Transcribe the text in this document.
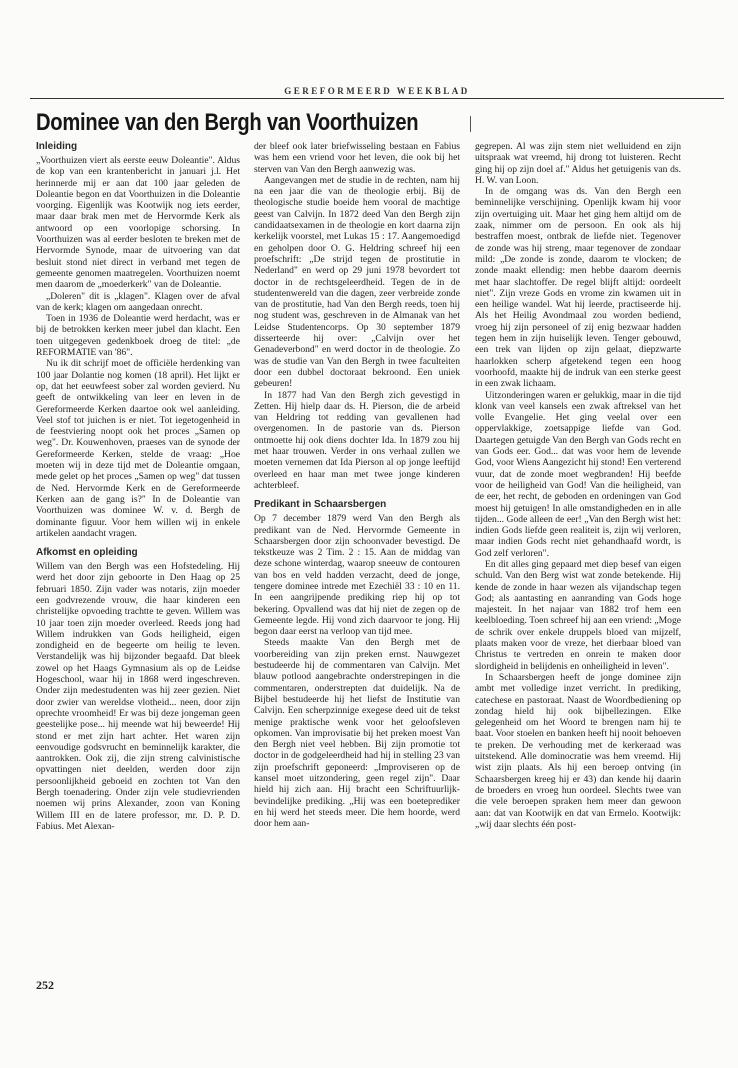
GEREFORMEERD WEEKBLAD
Dominee van den Bergh van Voorthuizen
Inleiding

„Voorthuizen viert als eerste eeuw Doleantie". Aldus de kop van een krantenbericht in januari j.l. Het herinnerde mij er aan dat 100 jaar geleden de Doleantie begon en dat Voorthuizen in die Doleantie voorging. Eigenlijk was Kootwijk nog iets eerder, maar daar brak men met de Hervormde Kerk als antwoord op een voorlopige schorsing. In Voorthuizen was al eerder besloten te breken met de Hervormde Synode, maar de uitvoering van dat besluit stond niet direct in verband met tegen de gemeente genomen maatregelen. Voorthuizen noemt men daarom de „moederkerk" van de Doleantie.

„Doleren" dit is „klagen". Klagen over de afval van de kerk; klagen om aangedaan onrecht.

Toen in 1936 de Doleantie werd herdacht, was er bij de betrokken kerken meer jubel dan klacht. Een toen uitgegeven gedenkboek droeg de titel: „de REFORMATIE van '86".

Nu ik dit schrijf moet de officiële herdenking van 100 jaar Dolantie nog komen (18 april). Het lijkt er op, dat het eeuwfeest sober zal worden gevierd. Nu geeft de ontwikkeling van leer en leven in de Gereformeerde Kerken daartoe ook wel aanleiding. Veel stof tot juichen is er niet. Tot iegetogenheid in de feestviering noopt ook het proces „Samen op weg". Dr. Kouwenhoven, praeses van de synode der Gereformeerde Kerken, stelde de vraag: „Hoe moeten wij in deze tijd met de Doleantie omgaan, mede gelet op het proces „Samen op weg" dat tussen de Ned. Hervormde Kerk en de Gereformeerde Kerken aan de gang is?" In de Doleantie van Voorthuizen was dominee W. v. d. Bergh de dominante figuur. Voor hem willen wij in enkele artikelen aandacht vragen.

Afkomst en opleiding

Willem van den Bergh was een Hofstedeling. Hij werd het door zijn geboorte in Den Haag op 25 februari 1850. Zijn vader was notaris, zijn moeder een godvrezende vrouw, die haar kinderen een christelijke opvoeding trachtte te geven. Willem was 10 jaar toen zijn moeder overleed. Reeds jong had Willem indrukken van Gods heiligheid, eigen zondigheid en de begeerte om heilig te leven. Verstandelijk was hij bijzonder begaafd. Dat bleek zowel op het Haags Gymnasium als op de Leidse Hogeschool, waar hij in 1868 werd ingeschreven. Onder zijn medestudenten was hij zeer gezien. Niet door zwier van wereldse vlotheid... neen, door zijn oprechte vroomheid! Er was bij deze jongeman geen geestelijke pose... hij meende wat hij beweerde! Hij stond er met zijn hart achter. Het waren zijn eenvoudige godsvrucht en beminnelijk karakter, die aantrokken. Ook zij, die zijn streng calvinistische opvattingen niet deelden, werden door zijn persoonlijkheid geboeid en zochten tot Van den Bergh toenadering. Onder zijn vele studievrienden noemen wij prins Alexander, zoon van Koning Willem III en de latere professor, mr. D. P. D. Fabius. Met Alexan-

der bleef ook later briefwisseling bestaan en Fabius was hem een vriend voor het leven, die ook bij het sterven van Van den Bergh aanwezig was.

Aangevangen met de studie in de rechten, nam hij na een jaar die van de theologie erbij. Bij de theologische studie boeide hem vooral de machtige geest van Calvijn. In 1872 deed Van den Bergh zijn candidaatsexamen in de theologie en kort daarna zijn kerkelijk voorstel, met Lukas 15 : 17. Aangemoedigd en geholpen door O. G. Heldring schreef hij een proefschrift: „De strijd tegen de prostitutie in Nederland" en werd op 29 juni 1978 bevordert tot doctor in de rechtsgeleerdheid. Tegen de in de studentenwereld van die dagen, zeer verbreide zonde van de prostitutie, had Van den Bergh reeds, toen hij nog student was, geschreven in de Almanak van het Leidse Studentencorps. Op 30 september 1879 disserteerde hij over: „Calvijn over het Genadeverbond" en werd doctor in de theologie. Zo was de studie van Van den Bergh in twee faculteiten door een dubbel doctoraat bekroond. Een uniek gebeuren!

In 1877 had Van den Bergh zich gevestigd in Zetten. Hij hielp daar ds. H. Pierson, die de arbeid van Heldring tot redding van gevallenen had overgenomen. In de pastorie van ds. Pierson ontmoette hij ook diens dochter Ida. In 1879 zou hij met haar trouwen. Verder in ons verhaal zullen we moeten vernemen dat Ida Pierson al op jonge leeftijd overleed en haar man met twee jonge kinderen achterbleef.

Predikant in Schaarsbergen

Op 7 december 1879 werd Van den Bergh als predikant van de Ned. Hervormde Gemeente in Schaarsbergen door zijn schoonvader bevestigd. De tekstkeuze was 2 Tim. 2 : 15. Aan de middag van deze schone winterdag, waarop sneeuw de contouren van bos en veld hadden verzacht, deed de jonge, tengere dominee intrede met Ezechiël 33 : 10 en 11. In een aangrijpende prediking riep hij op tot bekering. Opvallend was dat hij niet de zegen op de Gemeente legde. Hij vond zich daarvoor te jong. Hij begon daar eerst na verloop van tijd mee.

Steeds maakte Van den Bergh met de voorbereiding van zijn preken ernst. Nauwgezet bestudeerde hij de commentaren van Calvijn. Met blauw potlood aangebrachte onderstrepingen in die commentaren, onderstrepten dat duidelijk. Na de Bijbel bestudeerde hij het liefst de Institutie van Calvijn. Een scherpzinnige exegese deed uit de tekst menige praktische wenk voor het geloofsleven opkomen. Van improvisatie bij het preken moest Van den Bergh niet veel hebben. Bij zijn promotie tot doctor in de godgeleerdheid had hij in stelling 23 van zijn proefschrift geponeerd: „Improviseren op de kansel moet uitzondering, geen regel zijn". Daar hield hij zich aan. Hij bracht een Schriftuurlijk-bevindelijke prediking. „Hij was een boeteprediker en hij werd het steeds meer. Die hem hoorde, werd door hem aan-

gegrepen. Al was zijn stem niet welluidend en zijn uitspraak wat vreemd, hij drong tot luisteren. Recht ging hij op zijn doel af." Aldus het getuigenis van ds. H. W. van Loon.

In de omgang was ds. Van den Bergh een beminnelijke verschijning. Openlijk kwam hij voor zijn overtuiging uit. Maar het ging hem altijd om de zaak, nimmer om de persoon. En ook als hij bestraffen moest, ontbrak de liefde niet. Tegenover de zonde was hij streng, maar tegenover de zondaar mild: „De zonde is zonde, daarom te vlocken; de zonde maakt ellendig: men hebbe daarom deernis met haar slachtoffer. De regel blijft altijd: oordeelt niet". Zijn vreze Gods en vrome zin kwamen uit in een heilige wandel. Wat hij leerde, practiseerde hij. Als het Heilig Avondmaal zou worden bediend, vroeg hij zijn personeel of zij enig bezwaar hadden tegen hem in zijn huiselijk leven. Tenger gebouwd, een trek van lijden op zijn gelaat, diepzwarte haarlokken scherp afgetekend tegen een hoog voorhoofd, maakte hij de indruk van een sterke geest in een zwak lichaam.

Uitzonderingen waren er gelukkig, maar in die tijd klonk van veel kansels een zwak aftreksel van het volle Evangelie. Het ging veelal over een oppervlakkige, zoetsappige liefde van God. Daartegen getuigde Van den Bergh van Gods recht en van Gods eer. God... dat was voor hem de levende God, voor Wiens Aangezicht hij stond! Een verterend vuur, dat de zonde moet wegbranden! Hij beefde voor de heiligheid van God! Van die heiligheid, van de eer, het recht, de geboden en ordeningen van God moest hij getuigen! In alle omstandigheden en in alle tijden... Gode alleen de eer! „Van den Bergh wist het: indien Gods liefde geen realiteit is, zijn wij verloren, maar indien Gods recht niet gehandhaafd wordt, is God zelf verloren".

En dit alles ging gepaard met diep besef van eigen schuld. Van den Berg wist wat zonde betekende. Hij kende de zonde in haar wezen als vijandschap tegen God; als aantasting en aanranding van Gods hoge majesteit. In het najaar van 1882 trof hem een keelbloeding. Toen schreef hij aan een vriend: „Moge de schrik over enkele druppels bloed van mijzelf, plaats maken voor de vreze, het dierbaar bloed van Christus te vertreden en onrein te maken door slordigheid in belijdenis en onheiligheid in leven".

In Schaarsbergen heeft de jonge dominee zijn ambt met volledige inzet verricht. In prediking, catechese en pastoraat. Naast de Woordbediening op zondag hield hij ook bijbellezingen. Elke gelegenheid om het Woord te brengen nam hij te baat. Voor stoelen en banken heeft hij nooit behoeven te preken. De verhouding met de kerkeraad was uitstekend. Alle dominocratie was hem vreemd. Hij wist zijn plaats. Als hij een beroep ontving (in Schaarsbergen kreeg hij er 43) dan kende hij daarin de broeders en vroeg hun oordeel. Slechts twee van die vele beroepen spraken hem meer dan gewoon aan: dat van Kootwijk en dat van Ermelo. Kootwijk: „wij daar slechts één post-

252
